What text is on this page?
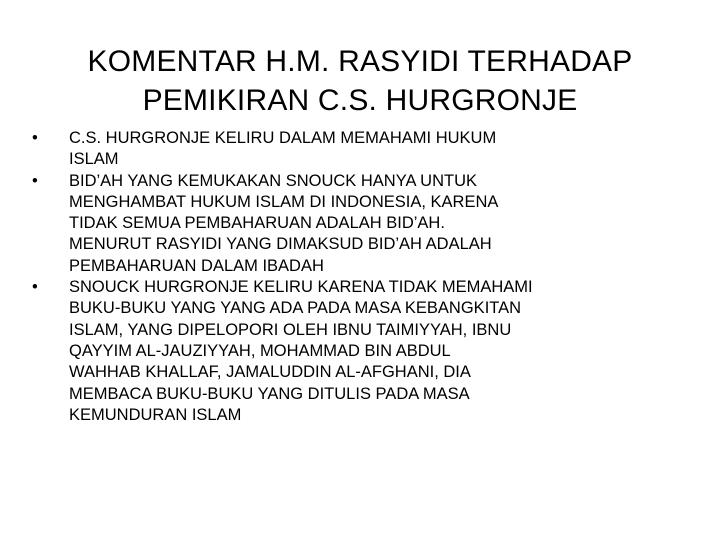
KOMENTAR H.M. RASYIDI TERHADAP
PEMIKIRAN C.S. HURGRONJE
•	C.S. HURGRONJE KELIRU DALAM MEMAHAMI HUKUM
ISLAM
•	BID’AH YANG KEMUKAKAN SNOUCK HANYA UNTUK
MENGHAMBAT HUKUM ISLAM DI INDONESIA, KARENA
TIDAK SEMUA PEMBAHARUAN ADALAH BID’AH.
MENURUT RASYIDI YANG DIMAKSUD BID’AH ADALAH
PEMBAHARUAN DALAM IBADAH
•	SNOUCK HURGRONJE KELIRU KARENA TIDAK MEMAHAMI
BUKU-BUKU YANG YANG ADA PADA MASA KEBANGKITAN
ISLAM, YANG DIPELOPORI OLEH IBNU TAIMIYYAH, IBNU
QAYYIM AL-JAUZIYYAH, MOHAMMAD BIN ABDUL
WAHHAB KHALLAF, JAMALUDDIN AL-AFGHANI, DIA
MEMBACA BUKU-BUKU YANG DITULIS PADA MASA
KEMUNDURAN ISLAM
